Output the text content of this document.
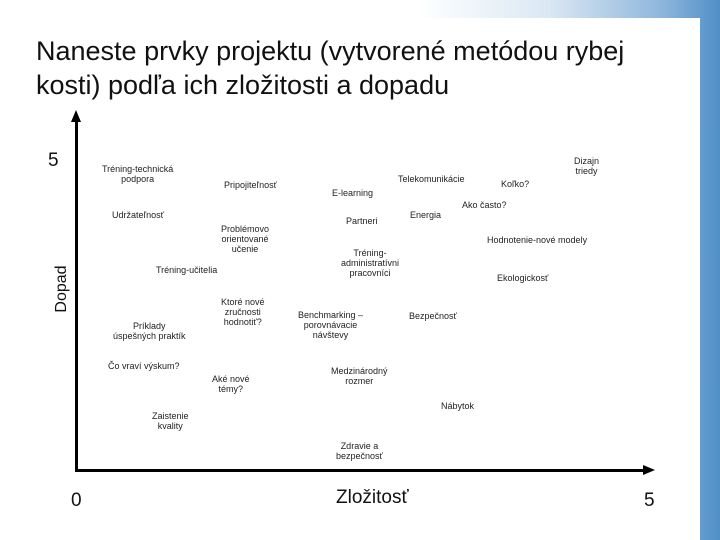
Naneste prvky projektu (vytvorené metódou rybej kosti) podľa ich zložitosti a dopadu
5
Dopad
0	Zložitosť	5
Tréning-technická
podpora
Pripojiteľnosť
E-learning
Telekomunikácie	Koľko?
Dizajn
triedy
Ako často?
Udržateľnosť
Problémovo
orientované
učenie
Partneri
Energia
Hodnotenie-nové modely
Tréning-
administratívni
pracovníci
Tréning-učitelia
Ekologickosť
Ktoré nové
zručnosti
hodnotiť?
Benchmarking –
porovnávacie
návštevy
Bezpečnosť
Príklady
úspešných praktík
Čo vraví výskum?
Aké nové
témy?
Medzinárodný
rozmer
Nábytok
Zaistenie
kvality
Zdravie a
bezpečnosť
